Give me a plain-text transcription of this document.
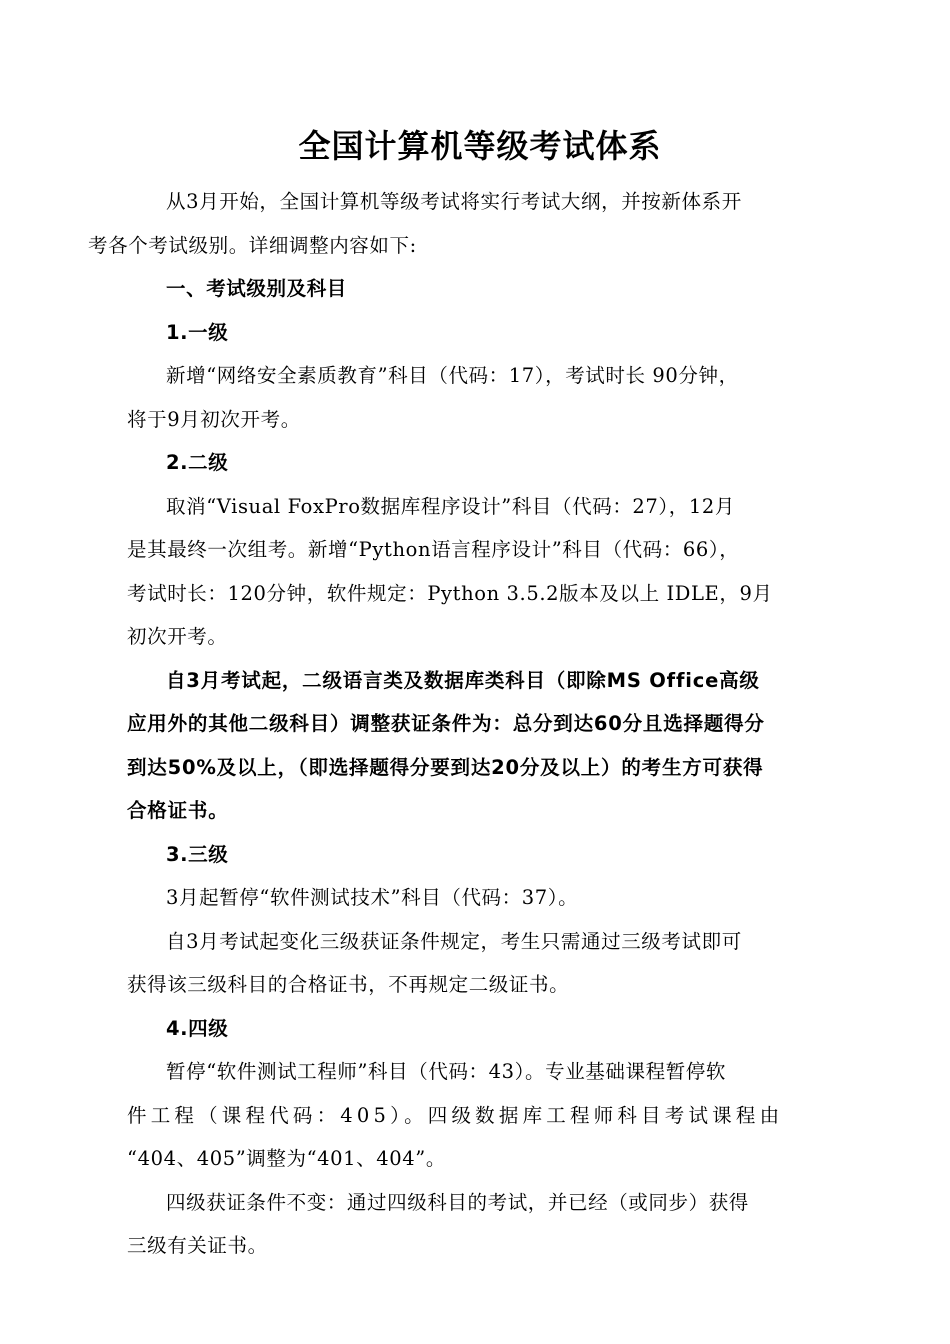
全国计算机等级考试体系

从3月开始，全国计算机等级考试将实行考试大纲，并按新体系开
考各个考试级别。详细调整内容如下:

一、考试级别及科目

1.一级

新增“网络安全素质教育”科目（代码：17），考试时长 90分钟，
将于9月初次开考。

2.二级

取消“Visual FoxPro数据库程序设计”科目（代码：27），12月
是其最终一次组考。新增“Python语言程序设计”科目（代码：66），
考试时长：120分钟，软件规定：Python 3.5.2版本及以上 IDLE，9月
初次开考。

自3月考试起，二级语言类及数据库类科目（即除MS Office高级
应用外的其他二级科目）调整获证条件为：总分到达60分且选择题得分
到达50%及以上，（即选择题得分要到达20分及以上）的考生方可获得
合格证书。

3.三级

3月起暂停“软件测试技术”科目（代码：37）。

自3月考试起变化三级获证条件规定，考生只需通过三级考试即可
获得该三级科目的合格证书，不再规定二级证书。

4.四级

暂停“软件测试工程师”科目（代码：43）。专业基础课程暂停软
件工程（课程代码：405）。四级数据库工程师科目考试课程由
“404、405”调整为“401、404”。

四级获证条件不变：通过四级科目的考试，并已经（或同步）获得
三级有关证书。
